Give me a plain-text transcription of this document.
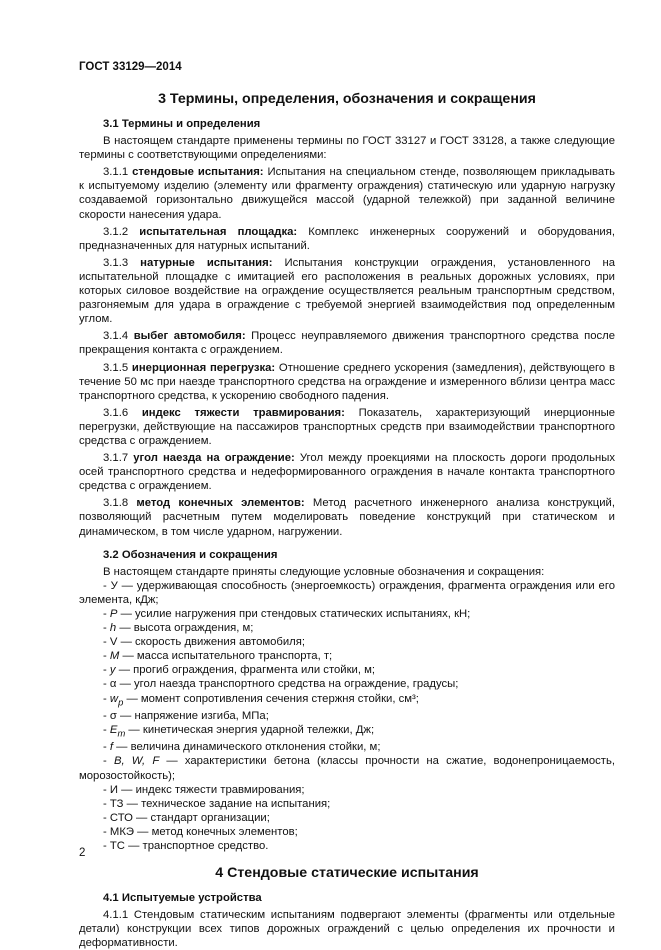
ГОСТ 33129—2014
3 Термины, определения, обозначения и сокращения
3.1 Термины и определения

В настоящем стандарте применены термины по ГОСТ 33127 и ГОСТ 33128, а также следующие термины с соответствующими определениями:

3.1.1 стендовые испытания: Испытания на специальном стенде, позволяющем прикладывать к испытуемому изделию (элементу или фрагменту ограждения) статическую или ударную нагрузку создаваемой горизонтально движущейся массой (ударной тележкой) при заданной величине скорости нанесения удара.

3.1.2 испытательная площадка: Комплекс инженерных сооружений и оборудования, предназначенных для натурных испытаний.

3.1.3 натурные испытания: Испытания конструкции ограждения, установленного на испытательной площадке с имитацией его расположения в реальных дорожных условиях, при которых силовое воздействие на ограждение осуществляется реальным транспортным средством, разгоняемым для удара в ограждение с требуемой энергией взаимодействия под определенным углом.

3.1.4 выбег автомобиля: Процесс неуправляемого движения транспортного средства после прекращения контакта с ограждением.

3.1.5 инерционная перегрузка: Отношение среднего ускорения (замедления), действующего в течение 50 мс при наезде транспортного средства на ограждение и измеренного вблизи центра масс транспортного средства, к ускорению свободного падения.

3.1.6 индекс тяжести травмирования: Показатель, характеризующий инерционные перегрузки, действующие на пассажиров транспортных средств при взаимодействии транспортного средства с ограждением.

3.1.7 угол наезда на ограждение: Угол между проекциями на плоскость дороги продольных осей транспортного средства и недеформированного ограждения в начале контакта транспортного средства с ограждением.

3.1.8 метод конечных элементов: Метод расчетного инженерного анализа конструкций, позволяющий расчетным путем моделировать поведение конструкций при статическом и динамическом, в том числе ударном, нагружении.

3.2 Обозначения и сокращения

В настоящем стандарте приняты следующие условные обозначения и сокращения:

- У — удерживающая способность (энергоемкость) ограждения, фрагмента ограждения или его элемента, кДж;
- P — усилие нагружения при стендовых статических испытаниях, кН;
- h — высота ограждения, м;
- V — скорость движения автомобиля;
- M — масса испытательного транспорта, т;
- y — прогиб ограждения, фрагмента или стойки, м;
- α — угол наезда транспортного средства на ограждение, градусы;
- $w_p$ — момент сопротивления сечения стержня стойки, см³;
- σ — напряжение изгиба, МПа;
- $E_т$ — кинетическая энергия ударной тележки, Дж;
- f — величина динамического отклонения стойки, м;
- B, W, F — характеристики бетона (классы прочности на сжатие, водонепроницаемость, морозостойкость);
- И — индекс тяжести травмирования;
- ТЗ — техническое задание на испытания;
- СТО — стандарт организации;
- МКЭ — метод конечных элементов;
- ТС — транспортное средство.
4 Стендовые статические испытания
4.1 Испытуемые устройства

4.1.1 Стендовым статическим испытаниям подвергают элементы (фрагменты или отдельные детали) конструкции всех типов дорожных ограждений с целью определения их прочности и деформативности.

2
